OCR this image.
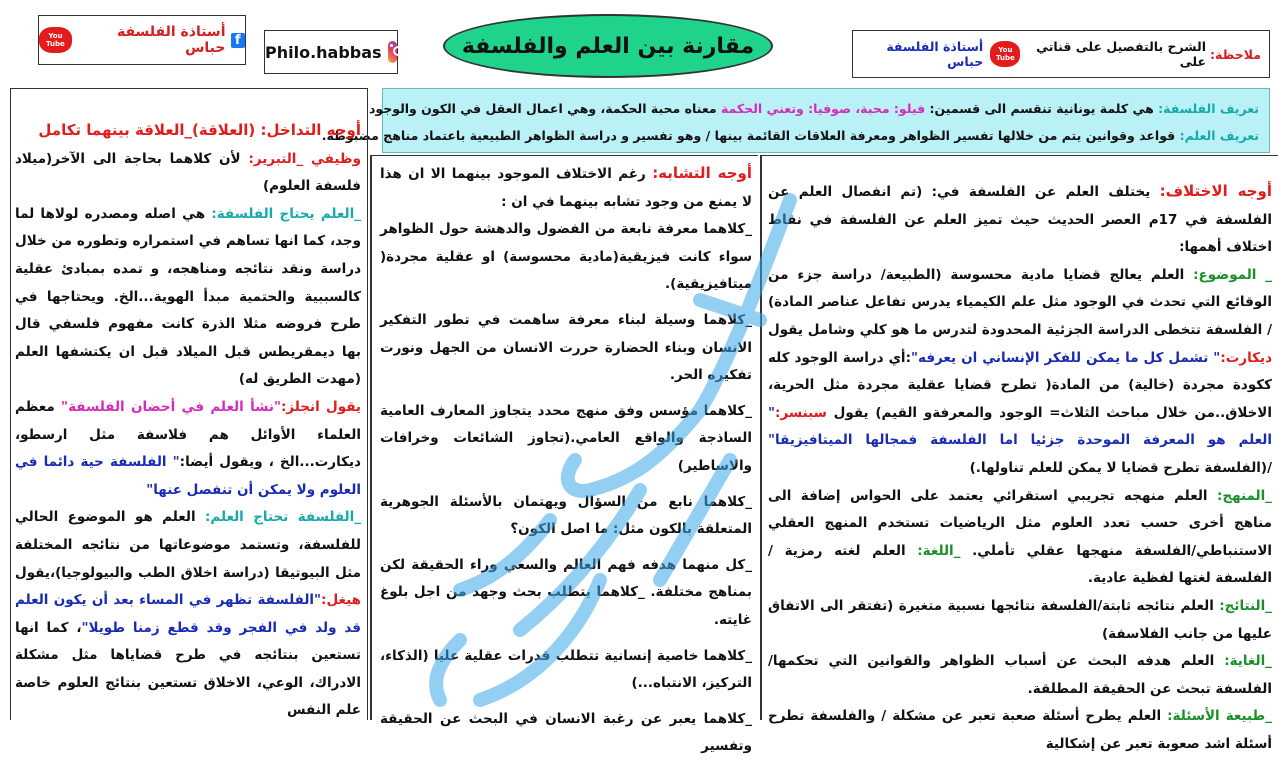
You
Tube
أستاذة الفلسفة حباس f
Philo.habbas	مقارنة بين العلم والفلسفة	ملاحظة:
الشرح بالتفصيل على قناتي على
You
Tube
أستاذة الفلسفة حباس
تعريف الفلسفة: هي كلمة يونانية تنقسم الى قسمين: فيلو: محبة، صوفيا: وتعني الحكمة معناه محبة الحكمة، وهي اعمال العقل في الكون والوجود
تعريف العلم: قواعد وقوانين يتم من خلالها تفسير الظواهر ومعرفة العلاقات القائمة بينها / وهو تفسير و دراسة الظواهر الطبيعية باعتماد مناهج مضبوطة.

أوجه الاختلاف: يختلف العلم عن الفلسفة في: (تم انفصال العلم عن الفلسفة في 17م العصر الحديث حيث تميز العلم عن الفلسفة في نقاط اختلاف أهمها:

_ الموضوع: العلم يعالج قضايا مادية محسوسة (الطبيعة/ دراسة جزء من الوقائع التي تحدث في الوجود مثل علم الكيمياء يدرس تفاعل عناصر المادة) / الفلسفة تتخطى الدراسة الجزئية المحدودة لتدرس ما هو كلي وشامل يقول ديكارت:" تشمل كل ما يمكن للفكر الإنساني ان يعرفه":أي دراسة الوجود كله ككودة مجردة (خالية) من المادة( تطرح قضايا عقلية مجردة مثل الحرية، الاخلاق..من خلال مباحث الثلاث= الوجود والمعرفةو القيم) يقول سبنسر:" العلم هو المعرفة الموحدة جزئيا اما الفلسفة فمجالها الميتافيزيقا" /(الفلسفة تطرح قضايا لا يمكن للعلم تناولها.)

_المنهج: العلم منهجه تجريبي استقرائي يعتمد على الحواس إضافة الى مناهج أخرى حسب تعدد العلوم مثل الرياضيات تستخدم المنهج العقلي الاستنباطي/الفلسفة منهجها عقلي تأملي. _اللغة: العلم لغته رمزية / الفلسفة لغتها لفظية عادية.

_النتائج: العلم نتائجه ثابتة/الفلسفة نتائجها نسبية متغيرة (تفتقر الى الاتفاق عليها من جانب الفلاسفة)

_الغاية: العلم هدفه البحث عن أسباب الظواهر والقوانين التي تحكمها/ الفلسفة تبحث عن الحقيقة المطلقة.

_طبيعة الأسئلة: العلم يطرح أسئلة صعبة تعبر عن مشكلة / والفلسفة تطرح أسئلة اشد صعوبة تعبر عن إشكالية

أوجه التشابه: رغم الاختلاف الموجود بينهما الا ان هذا لا يمنع من وجود تشابه بينهما في ان :

_كلاهما معرفة نابعة من الفضول والدهشة حول الظواهر سواء كانت فيزيقية(مادية محسوسة) او عقلية مجردة( ميتافيزيقية).

_كلاهما وسيلة لبناء معرفة ساهمت في تطور التفكير الانسان وبناء الحضارة حررت الانسان من الجهل ونورت تفكيره الحر.

_كلاهما مؤسس وفق منهج محدد يتجاوز المعارف العامية الساذجة والواقع العامي.(تجاوز الشائعات وخرافات والاساطير)

_كلاهما نابع من السؤال ويهتمان بالأسئلة الجوهرية المتعلقة بالكون مثل: ما اصل الكون؟

_كل منهما هدفه فهم العالم والسعي وراء الحقيقة لكن بمناهج مختلفة. _كلاهما يتطلب بحث وجهد من اجل بلوغ غايته.

_كلاهما خاصية إنسانية تتطلب قدرات عقلية عليا (الذكاء، التركيز، الانتباه...)

_كلاهما يعبر عن رغبة الانسان في البحث عن الحقيقة وتفسير

أوجه التداخل: (العلاقة)_العلاقة بينهما تكامل

وظيفي _التبرير: لأن كلاهما بحاجة الى الآخر(ميلاد فلسفة العلوم)

_العلم يحتاج الفلسفة: هي اصله ومصدره لولاها لما وجد، كما انها تساهم في استمراره وتطوره من خلال دراسة ونقد نتائجه ومناهجه، و تمده بمبادئ عقلية كالسببية والحتمية مبدأ الهوية...الخ. ويحتاجها في طرح فروضه مثلا الذرة كانت مفهوم فلسفي قال بها ديمقريطس قبل الميلاد قبل ان يكتشفها العلم (مهدت الطريق له)

يقول انجلز:"نشأ العلم في أحضان الفلسفة" معظم العلماء الأوائل هم فلاسفة مثل ارسطو، ديكارت...الخ ، ويقول أيضا:" الفلسفة حية دائما في العلوم ولا يمكن أن تنفصل عنها"

_الفلسفة تحتاج العلم: العلم هو الموضوع الحالي للفلسفة، وتستمد موضوعاتها من نتائجه المختلفة مثل البيوتيقا (دراسة اخلاق الطب والبيولوجيا)،يقول هيغل:"الفلسفة تظهر في المساء بعد أن يكون العلم قد ولد في الفجر وقد قطع زمنا طويلا"، كما انها تستعين بنتائجه في طرح قضاياها مثل مشكلة الادراك، الوعي، الاخلاق تستعين بنتائج العلوم خاصة علم النفس
